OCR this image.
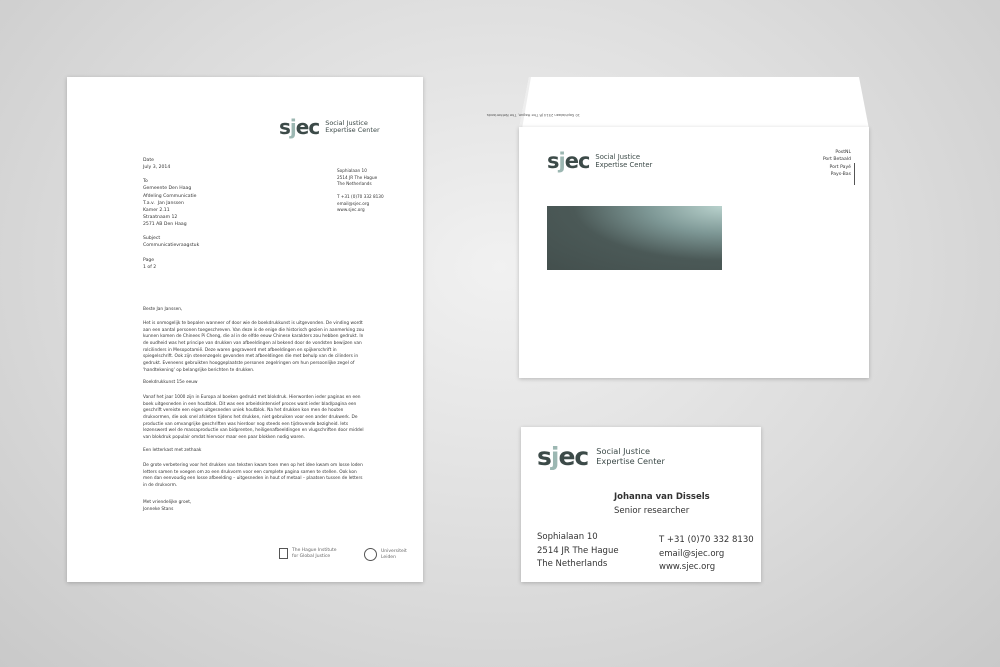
sjec Social Justice
Expertise Center
Date
July 3, 2014

To
Gemeente Den Haag
Afdeling Communicatie
T.a.v.  Jan Janssen
Kamer 2.11
Straatnaam 12
2571 AB Den Haag

Subject
Communicatievraagstuk

Page
1 of 2
Sophialaan 10
2514 JR The Hague
The Netherlands

T +31 (0)70 332 8130
email@sjec.org
www.sjec.org

Beste Jan Janssen,

Het is onmogelijk te bepalen wanneer of door wie de boekdrukkunst is uitgevonden. De vinding wordt aan een aantal personen toegeschreven. Van deze is de enige die historisch gezien in aanmerking zou kunnen komen de Chinees Pi Cheng, die al in de elfde eeuw Chinese karakters zou hebben gedrukt. In de oudheid was het principe van drukken van afbeeldingen al bekend door de vondsten bewijzen van rolcilinders in Mesopotamië. Deze waren gegraveerd met afbeeldingen en spijkerschrift in spiegelschrift. Ook zijn stenenzegels gevonden met afbeeldingen die met behulp van de cilinders in gedrukt. Eveneens gebruikten hooggeplaatste personen zegelringen om hun persoonlijke zegel of 'handtekening' op belangrijke berichten te drukken.

Boekdrukkunst 15e eeuw

Vanaf het jaar 1000 zijn in Europa al boeken gedrukt met blokdruk. Hierworden ieder paginas en een boek uitgesneden in een houtblok. Dit was een arbeidsintensief proces want ieder blad/pagina een geschrift vereiste een eigen uitgesneden uniek houtblok. Na het drukken kon men de houten drukvormen, die ook snel afsleten tijdens het drukken, niet gebruiken voor een ander drukwerk. De productie van omvangrijke geschriften was hierdoor nog steeds een tijdrovende bezigheid. Iets lezenswerd wel de massaproductie van bidprenten, heiligenafbeeldingen en vlugschriften door middel van blokdruk populair omdat hiervoor maar een paar blokken nodig waren.

Een letterkast met zethaak

De grote verbetering voor het drukken van teksten kwam toen men op het idee kwam om losse loden letters samen te voegen om zo een drukvorm voor een complete pagina samen te stellen. Ook kon men dan eenvoudig een losse afbeelding – uitgesneden in hout of metaal – plaatsen tussen de letters in de drukvorm.

Met vriendelijke groet,

Jonneke Stans

The Hague Institute
for Global Justice
Universiteit
Leiden
10 Sophialaan 2514 JR The Hague, The Netherlands
sjec Social Justice
Expertise Center
PostNL
Port Betaald
Port Payé
Pays-Bas
sjec Social Justice
Expertise Center
Johanna van Dissels
Senior researcher
Sophialaan 10
2514 JR The Hague
The Netherlands
T +31 (0)70 332 8130
email@sjec.org
www.sjec.org
